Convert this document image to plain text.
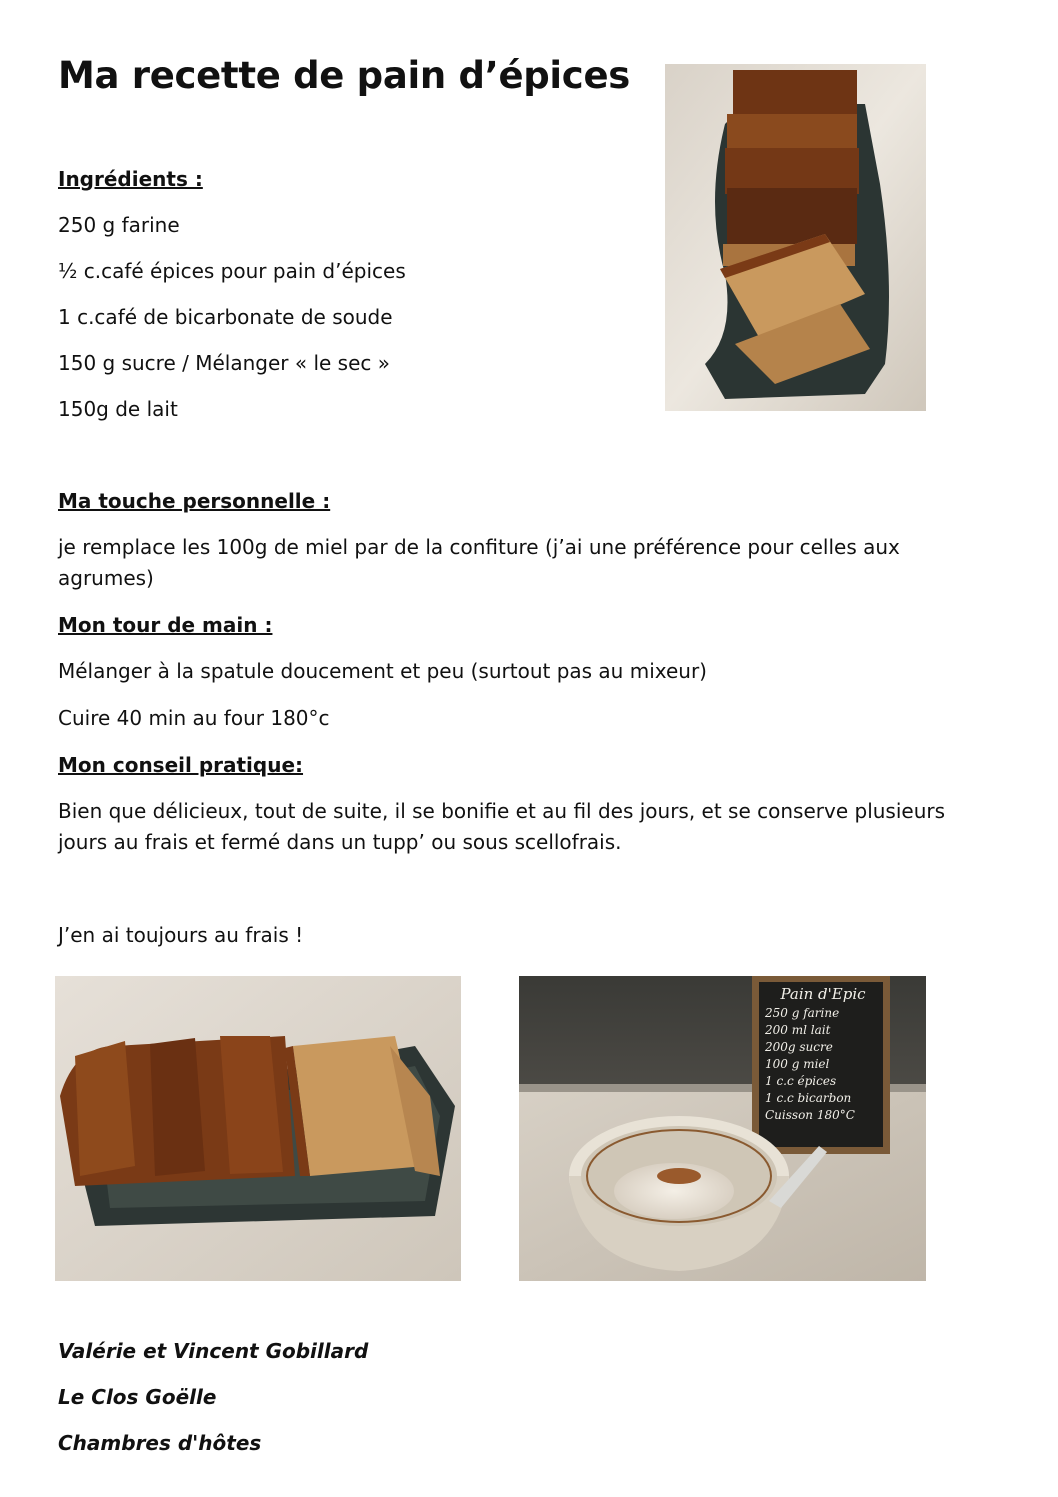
Ma recette de pain d’épices
Ingrédients :
250 g farine
½ c.café épices pour pain d’épices
1 c.café de bicarbonate de soude
150 g sucre / Mélanger « le sec »
150g de lait
Ma touche personnelle :

je remplace les 100g de miel par de la confiture (j’ai une préférence pour celles aux agrumes)

Mon tour de main :
Mélanger à la spatule doucement et peu (surtout pas au mixeur)
Cuire 40 min au four 180°c
Mon conseil pratique:

Bien que délicieux, tout de suite, il se bonifie et au fil des jours, et se conserve plusieurs jours au frais et fermé dans un tupp’ ou sous scellofrais.

J’en ai toujours au frais !
Valérie et Vincent Gobillard
Le Clos Goëlle
Chambres d'hôtes
Pain d'Epic
250 g farine
200 ml lait
200g sucre
100 g miel
1 c.c épices
1 c.c bicarbon
Cuisson 180°C
